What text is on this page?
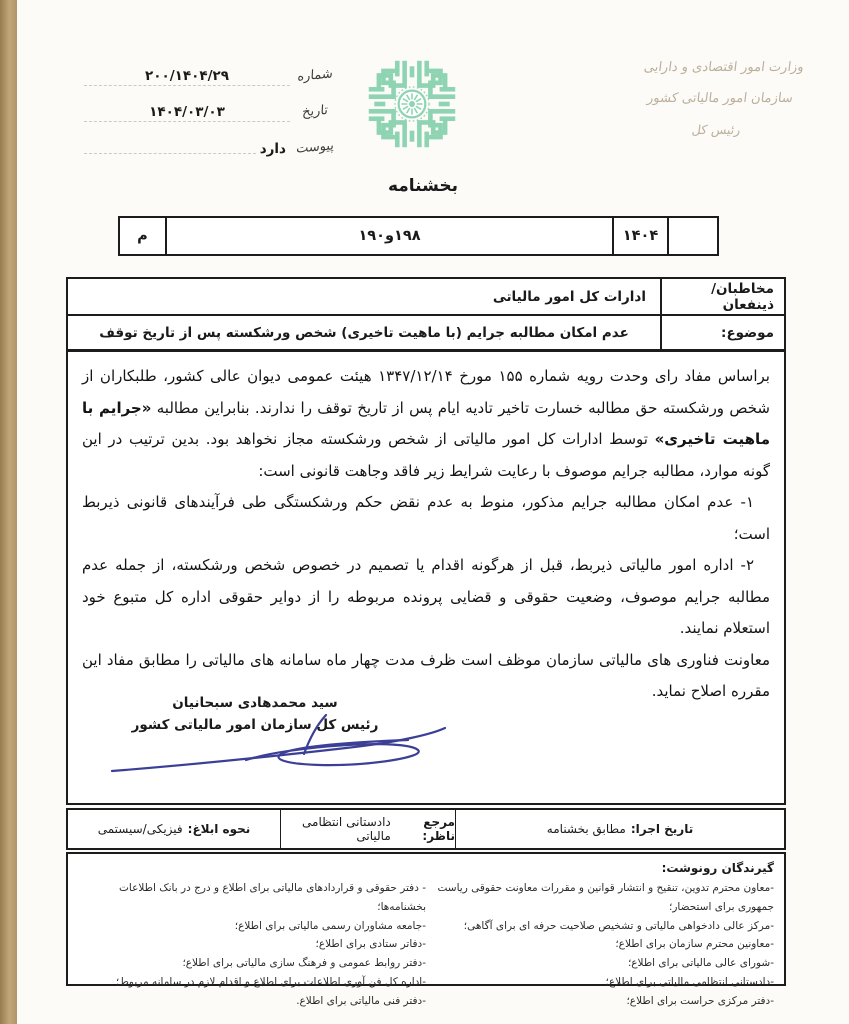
وزارت امور اقتصادی و دارایی
سازمان امور مالیاتی کشور
رئیس کل
شماره
۲۰۰/۱۴۰۴/۲۹
تاریخ
۱۴۰۴/۰۳/۰۳
پیوست
دارد
بخشنامه
م	۱۹۸و۱۹۰	۱۴۰۴
مخاطبان/ ذینفعان
ادارات کل امور مالیاتی
موضوع:
عدم امکان مطالبه جرایم (با ماهیت تاخیری) شخص ورشکسته پس از تاریخ توقف

براساس مفاد رای وحدت رویه شماره ۱۵۵ مورخ ۱۳۴۷/۱۲/۱۴ هیئت عمومی دیوان عالی کشور، طلبکاران از شخص ورشکسته حق مطالبه خسارت تاخیر تادیه ایام پس از تاریخ توقف را ندارند. بنابراین مطالبه «جرایم با ماهیت تاخیری» توسط ادارات کل امور مالیاتی از شخص ورشکسته مجاز نخواهد بود. بدین ترتیب در این گونه موارد، مطالبه جرایم موصوف با رعایت شرایط زیر فاقد وجاهت قانونی است:

۱- عدم امکان مطالبه جرایم مذکور، منوط به عدم نقض حکم ورشکستگی طی فرآیندهای قانونی ذیربط است؛

۲- اداره امور مالیاتی ذیربط، قبل از هرگونه اقدام یا تصمیم در خصوص شخص ورشکسته، از جمله عدم مطالبه جرایم موصوف، وضعیت حقوقی و قضایی پرونده مربوطه را از دوایر حقوقی اداره کل متبوع خود استعلام نمایند.

معاونت فناوری های مالیاتی سازمان موظف است ظرف مدت چهار ماه سامانه های مالیاتی را مطابق مفاد این مقرره اصلاح نماید.

سید محمدهادی سبحانیان
رئیس کل سازمان امور مالیاتی کشور
تاریخ اجرا:
مطابق بخشنامه
مرجع ناظر:
دادستانی انتظامی مالیاتی
نحوه ابلاغ:
فیزیکی/سیستمی
گیرندگان رونوشت:

-معاون محترم تدوین، تنقیح و انتشار قوانین و مقررات معاونت حقوقی ریاست جمهوری برای استحضار؛

-مرکز عالی دادخواهی مالیاتی و تشخیص صلاحیت حرفه ای برای آگاهی؛

-معاونین محترم سازمان برای اطلاع؛

-شورای عالی مالیاتی برای اطلاع؛

-دادستانی انتظامی مالیاتی برای اطلاع؛

-دفتر مرکزی حراست برای اطلاع؛

- دفتر حقوقی و قراردادهای مالیاتی برای اطلاع و درج در بانک اطلاعات بخشنامه‌ها؛

-جامعه مشاوران رسمی مالیاتی برای اطلاع؛

-دفاتر ستادی برای اطلاع؛

-دفتر روابط عمومی و فرهنگ سازی مالیاتی برای اطلاع؛

-اداره کل فن آوری اطلاعات برای اطلاع و اقدام لازم در سامانه مربوط؛

-دفتر فنی مالیاتی برای اطلاع.
